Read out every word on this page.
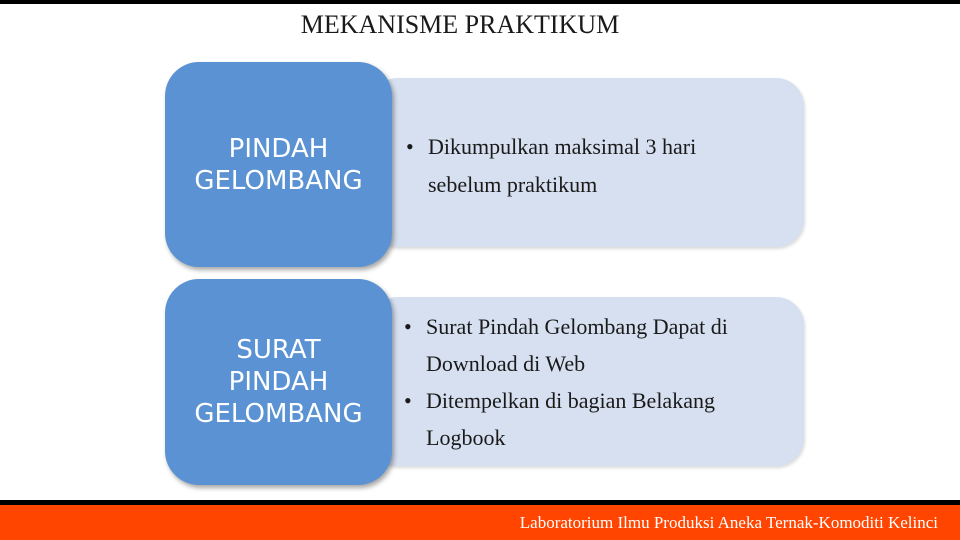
MEKANISME PRAKTIKUM
PINDAH
GELOMBANG
• Dikumpulkan maksimal 3 hari
sebelum praktikum
SURAT
PINDAH
GELOMBANG
• Surat Pindah Gelombang Dapat di
Download di Web
• Ditempelkan di bagian Belakang
Logbook
Laboratorium Ilmu Produksi Aneka Ternak-Komoditi Kelinci
